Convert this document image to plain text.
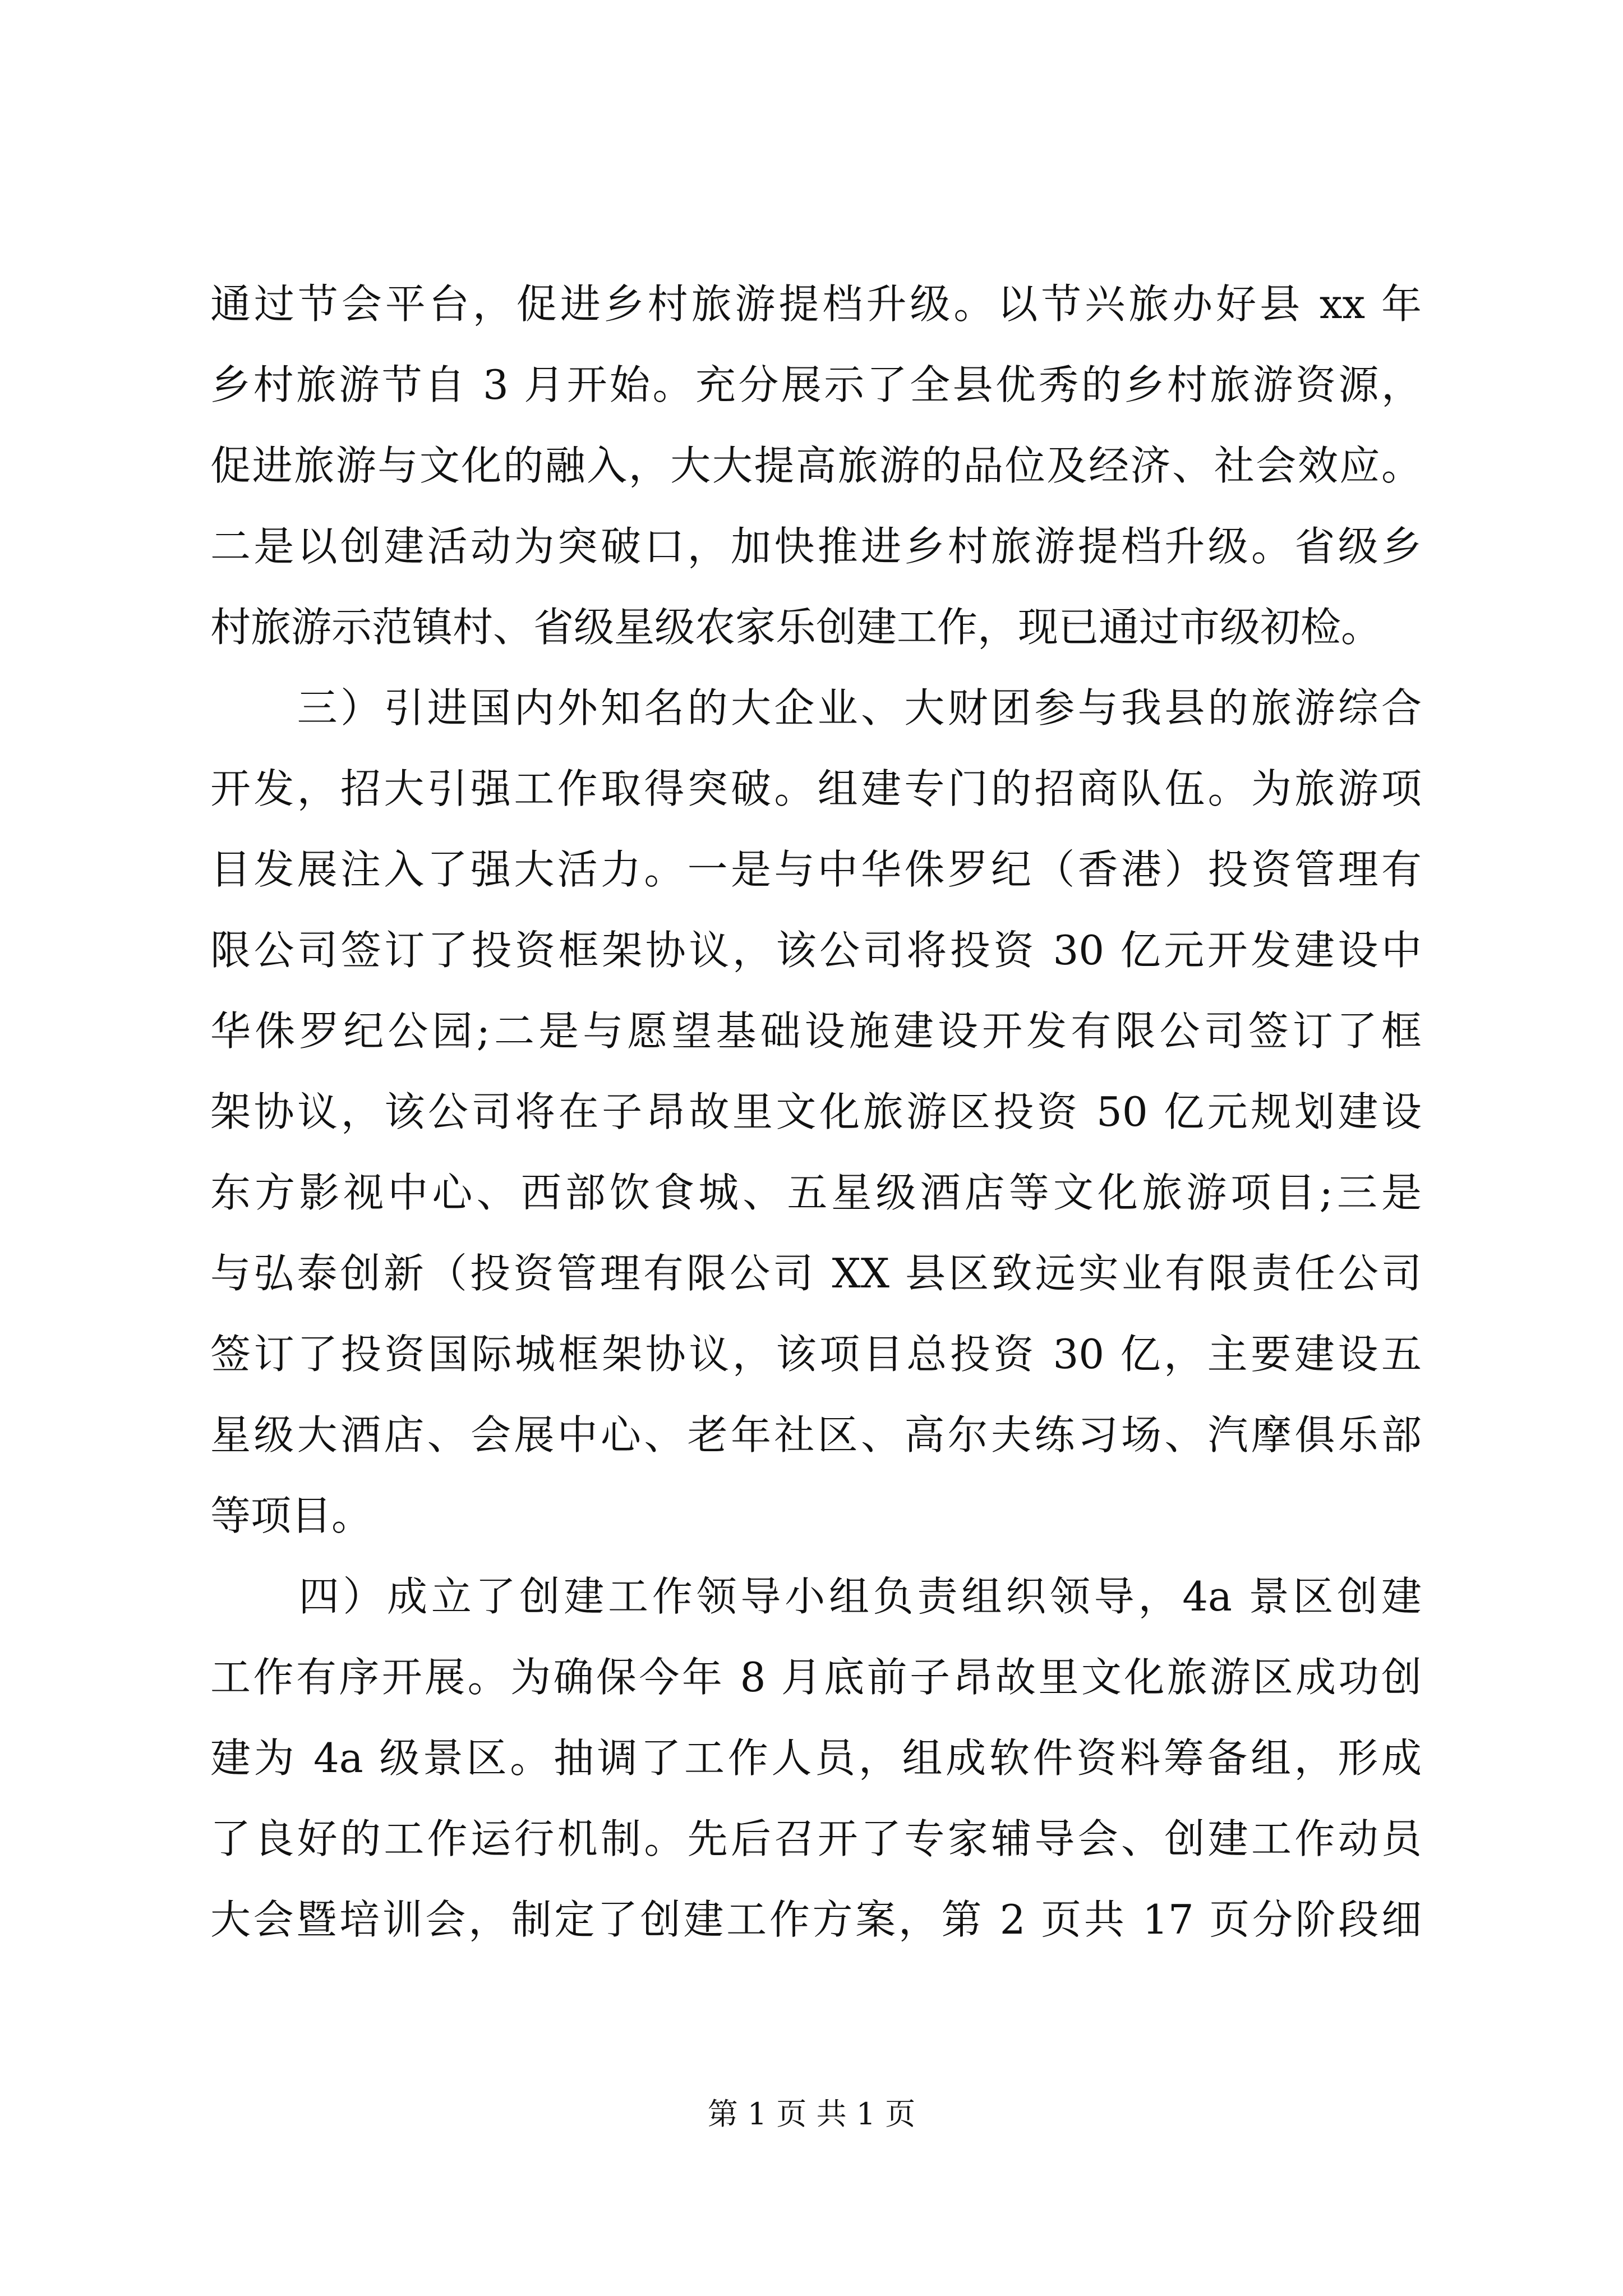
通过节会平台，促进乡村旅游提档升级。以节兴旅办好县 xx 年
乡村旅游节自 3 月开始。充分展示了全县优秀的乡村旅游资源，
促进旅游与文化的融入，大大提高旅游的品位及经济、社会效应。
二是以创建活动为突破口，加快推进乡村旅游提档升级。省级乡
村旅游示范镇村、省级星级农家乐创建工作，现已通过市级初检。
　　三）引进国内外知名的大企业、大财团参与我县的旅游综合
开发，招大引强工作取得突破。组建专门的招商队伍。为旅游项
目发展注入了强大活力。一是与中华侏罗纪（香港）投资管理有
限公司签订了投资框架协议，该公司将投资 30 亿元开发建设中
华侏罗纪公园;二是与愿望基础设施建设开发有限公司签订了框
架协议，该公司将在子昂故里文化旅游区投资 50 亿元规划建设
东方影视中心、西部饮食城、五星级酒店等文化旅游项目;三是
与弘泰创新（投资管理有限公司 XX 县区致远实业有限责任公司
签订了投资国际城框架协议，该项目总投资 30 亿，主要建设五
星级大酒店、会展中心、老年社区、高尔夫练习场、汽摩俱乐部
等项目。
　　四）成立了创建工作领导小组负责组织领导，4a 景区创建
工作有序开展。为确保今年 8 月底前子昂故里文化旅游区成功创
建为 4a 级景区。抽调了工作人员，组成软件资料筹备组，形成
了良好的工作运行机制。先后召开了专家辅导会、创建工作动员
大会暨培训会，制定了创建工作方案，第 2 页共 17 页分阶段细
第 1 页 共 1 页
